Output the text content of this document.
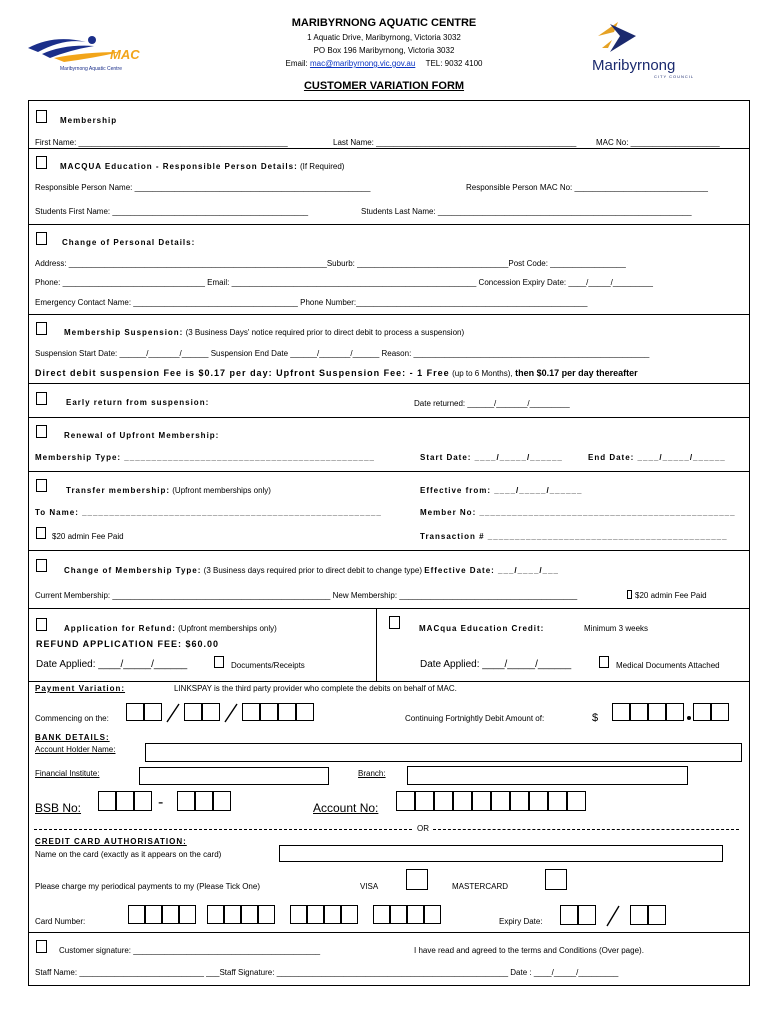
MAC
Maribyrnong Aquatic Centre
MARIBYRNONG AQUATIC CENTRE
1 Aquatic Drive, Maribyrnong, Victoria 3032
PO Box 196 Maribyrnong, Victoria 3032
Email: mac@maribyrnong.vic.gov.au TEL: 9032 4100	Maribyrnong
CITY COUNCIL
CUSTOMER VARIATION FORM
Membership
First Name: _______________________________________________	Last Name: _____________________________________________ MAC No: ____________________
MACQUA Education - Responsible Person Details: (If Required)
Responsible Person Name: _____________________________________________________	Responsible Person MAC No: ______________________________
Students First Name: ____________________________________________	Students Last Name: _________________________________________________________
Change of Personal Details:
Address: __________________________________________________________Suburb: __________________________________Post Code: _________________
Phone: ________________________________ Email: _______________________________________________________ Concession Expiry Date: ____/_____/_________
Emergency Contact Name: _____________________________________ Phone Number:____________________________________________________
Membership Suspension: (3 Business Days' notice required prior to direct debit to process a suspension)
Suspension Start Date: ______/_______/______ Suspension End Date ______/_______/______ Reason: _____________________________________________________
Direct debit suspension Fee is $0.17 per day: Upfront Suspension Fee: - 1 Free (up to 6 Months), then $0.17 per day thereafter
Early return from suspension:	Date returned: ______/_______/_________
Renewal of Upfront Membership:
Membership Type: ______________________________________________	Start Date: ____/_____/______	End Date: ____/_____/______
Transfer membership: (Upfront memberships only)	Effective from: ____/_____/______
To Name: _______________________________________________________	Member No: _______________________________________________
$20 admin Fee Paid	Transaction # ____________________________________________
Change of Membership Type: (3 Business days required prior to direct debit to change type) Effective Date: ___/____/___
Current Membership: _________________________________________________ New Membership: ________________________________________	$20 admin Fee Paid
Application for Refund: (Upfront memberships only)
REFUND APPLICATION FEE: $60.00
Date Applied: ____/_____/______	Documents/Receipts
MACqua Education Credit:	Minimum 3 weeks
Date Applied: ____/_____/______	Medical Documents Attached
Payment Variation:	LINKSPAY is the third party provider who complete the debits on behalf of MAC.
Commencing on the:	Continuing Fortnightly Debit Amount of:	$
BANK DETAILS:
Account Holder Name:
Financial Institute:	Branch:
BSB No:	-	Account No:
OR
CREDIT CARD AUTHORISATION:
Name on the card (exactly as it appears on the card)
Please charge my periodical payments to my (Please Tick One)	VISA	MASTERCARD
Card Number:	Expiry Date:
Customer signature: __________________________________________	I have read and agreed to the terms and Conditions (Over page).
Staff Name: ____________________________ ___Staff Signature: ____________________________________________________ Date : ____/_____/_________
